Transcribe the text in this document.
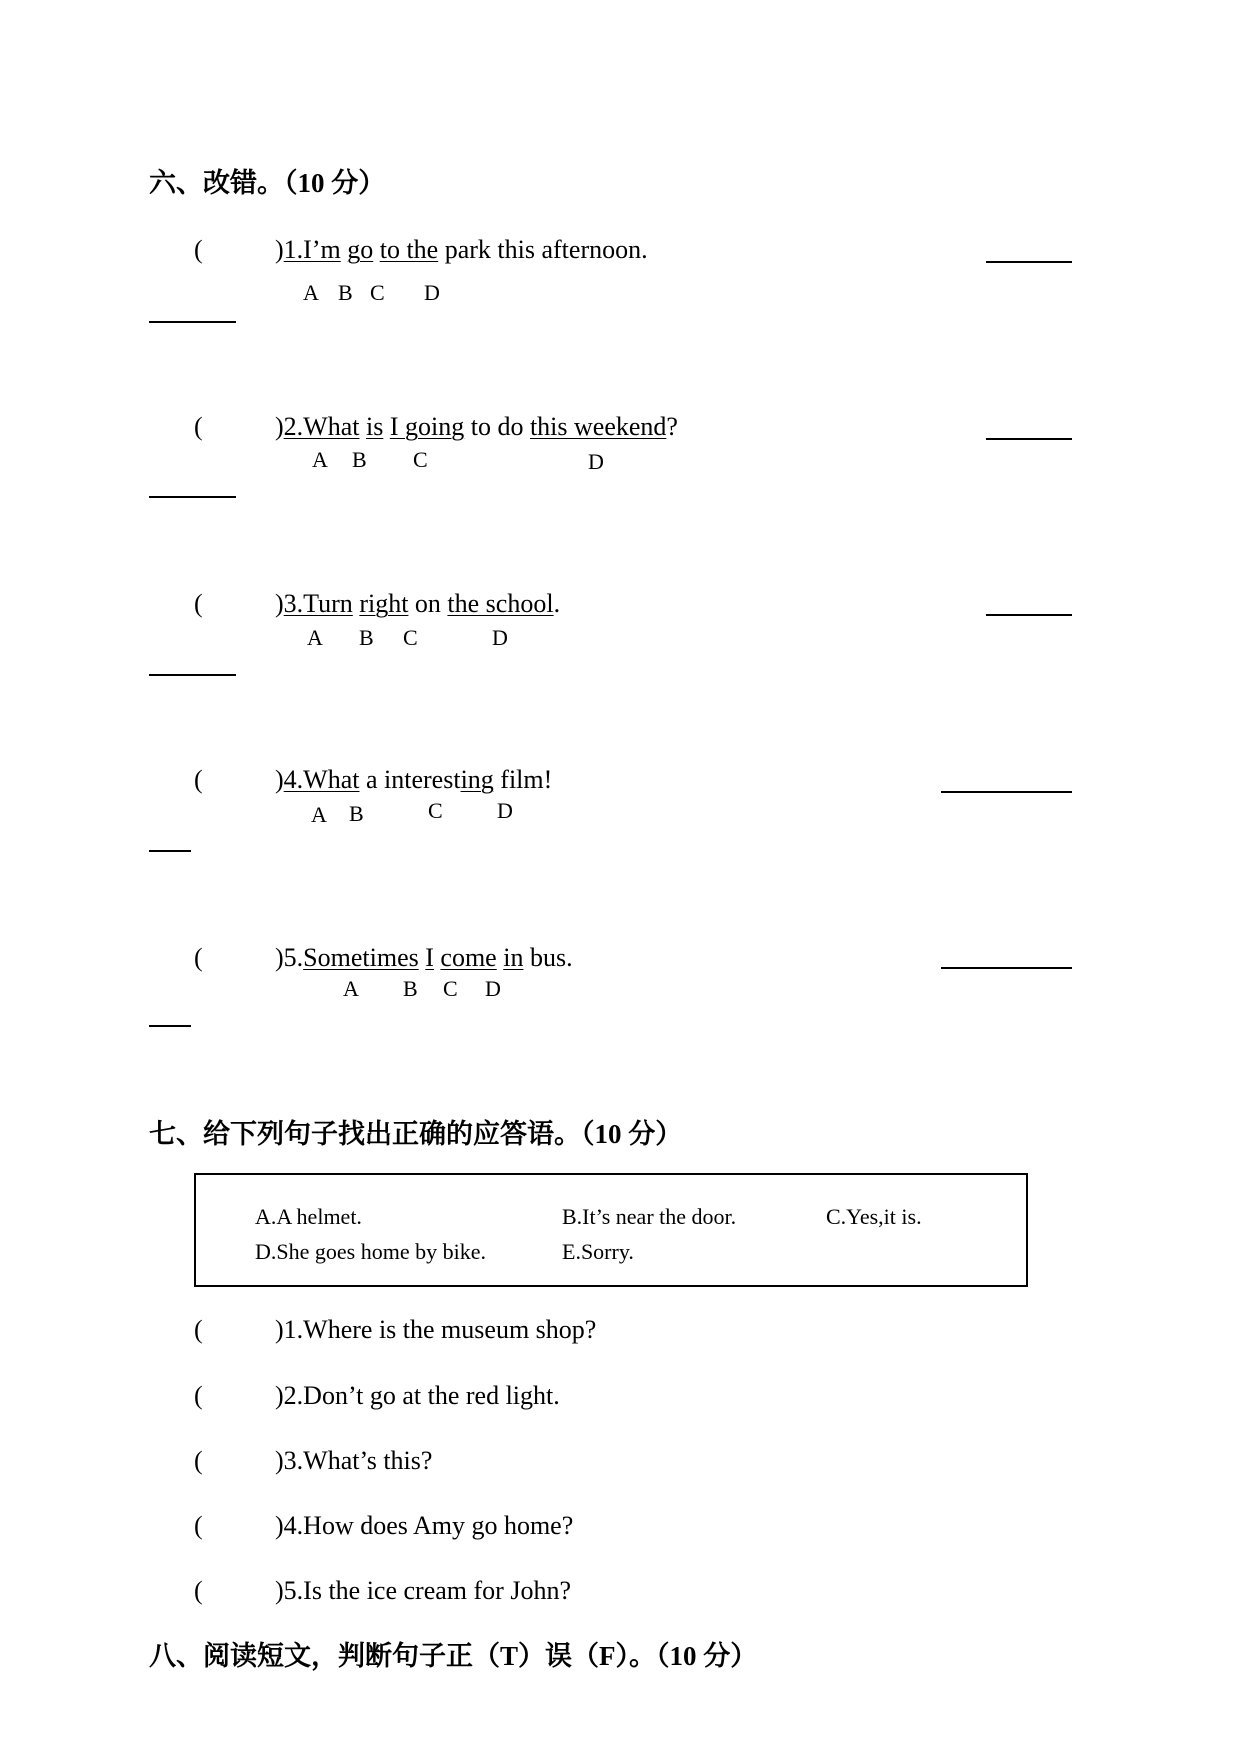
六、改错。（10 分）
(	)1.I’m go to the park this afternoon.
A B C D
(	)2.What is I going to do this weekend?
A B C	D
(	)3.Turn right on the school.
A B C	D
(	)4.What a interesting film!
A B	C D
(	)5.Sometimes I come in bus.
A B C D
七、给下列句子找出正确的应答语。（10 分）
A.A helmet.	B.It’s near the door.	C.Yes,it is.
D.She goes home by bike.	E.Sorry.
(	)1.Where is the museum shop?
(	)2.Don’t go at the red light.
(	)3.What’s this?
(	)4.How does Amy go home?
(	)5.Is the ice cream for John?
八、阅读短文，判断句子正（T）误（F）。（10 分）
